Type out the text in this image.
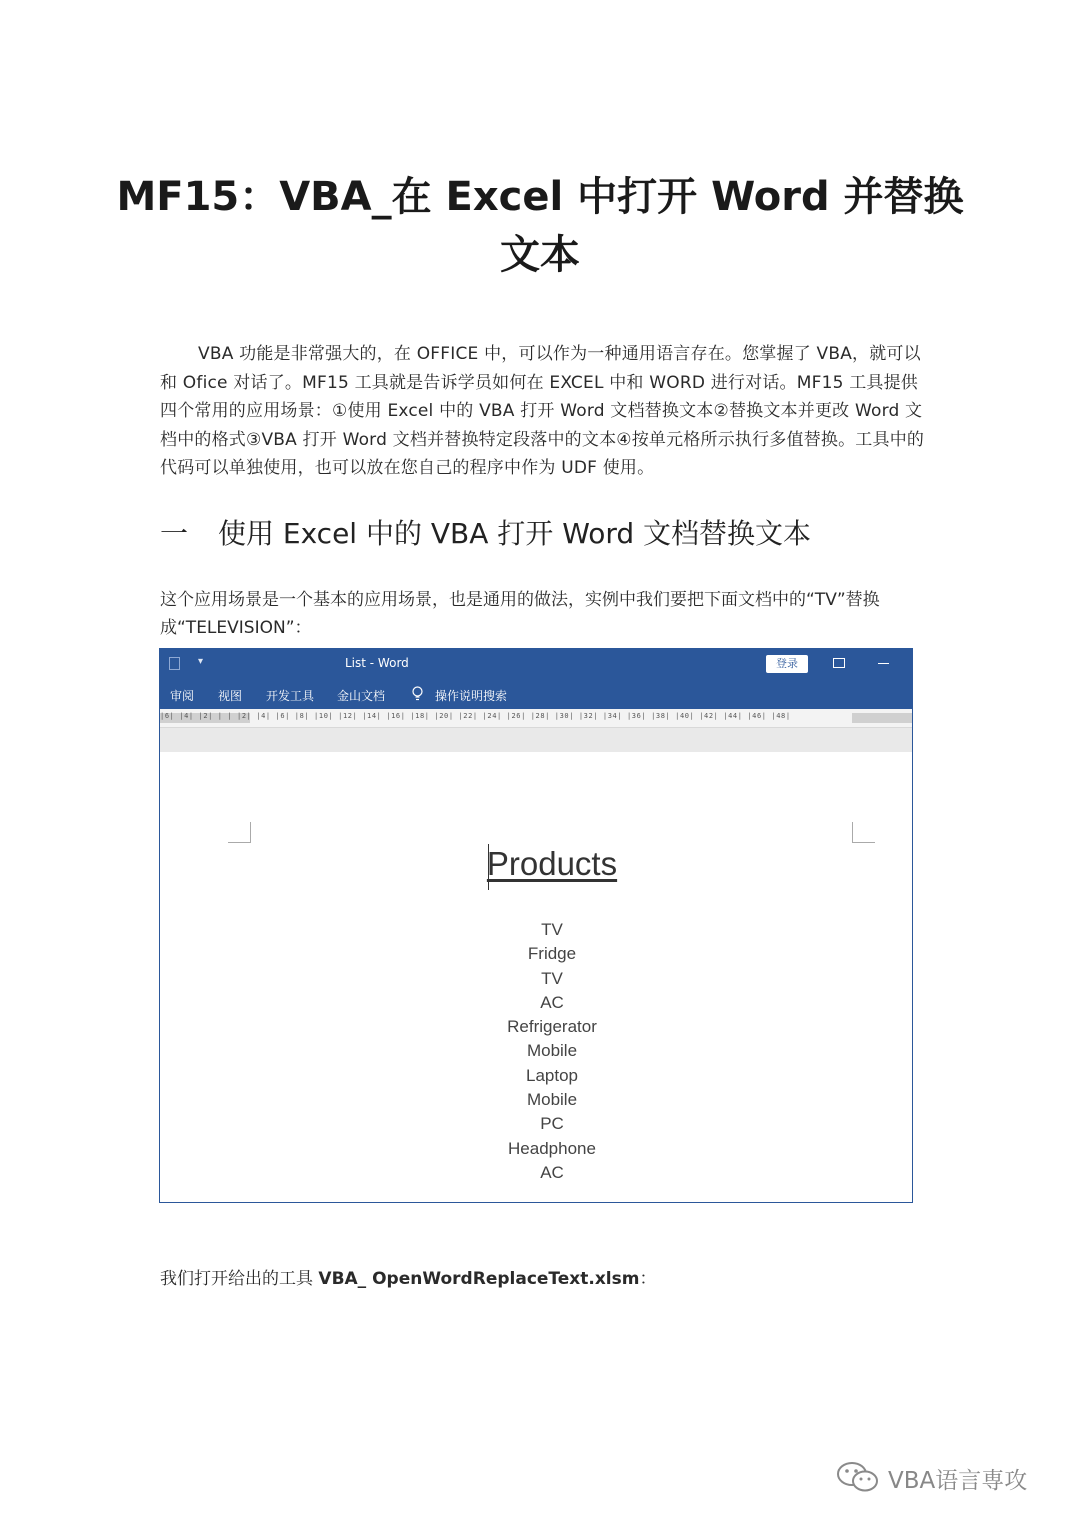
MF15：VBA_在 Excel 中打开 Word 并替换
文本
VBA 功能是非常强大的，在 OFFICE 中，可以作为一种通用语言存在。您掌握了 VBA，就可以和 Ofice 对话了。MF15 工具就是告诉学员如何在 EXCEL 中和 WORD 进行对话。MF15 工具提供四个常用的应用场景：①使用 Excel 中的 VBA 打开 Word 文档替换文本②替换文本并更改 Word 文档中的格式③VBA 打开 Word 文档并替换特定段落中的文本④按单元格所示执行多值替换。工具中的代码可以单独使用，也可以放在您自己的程序中作为 UDF 使用。
一 使用 Excel 中的 VBA 打开 Word 文档替换文本
这个应用场景是一个基本的应用场景，也是通用的做法，实例中我们要把下面文档中的“TV”替换成“TELEVISION”：
▾	List - Word	登录
审阅 视图 开发工具 金山文档	操作说明搜索
|6| |4| |2| | | |2| |4| |6| |8| |10| |12| |14| |16| |18| |20| |22| |24| |26| |28| |30| |32| |34| |36| |38| |40| |42| |44| |46| |48|
Products
TV
Fridge
TV
AC
Refrigerator
Mobile
Laptop
Mobile
PC
Headphone
AC
我们打开给出的工具 VBA_ OpenWordReplaceText.xlsm：
VBA语言専攻
